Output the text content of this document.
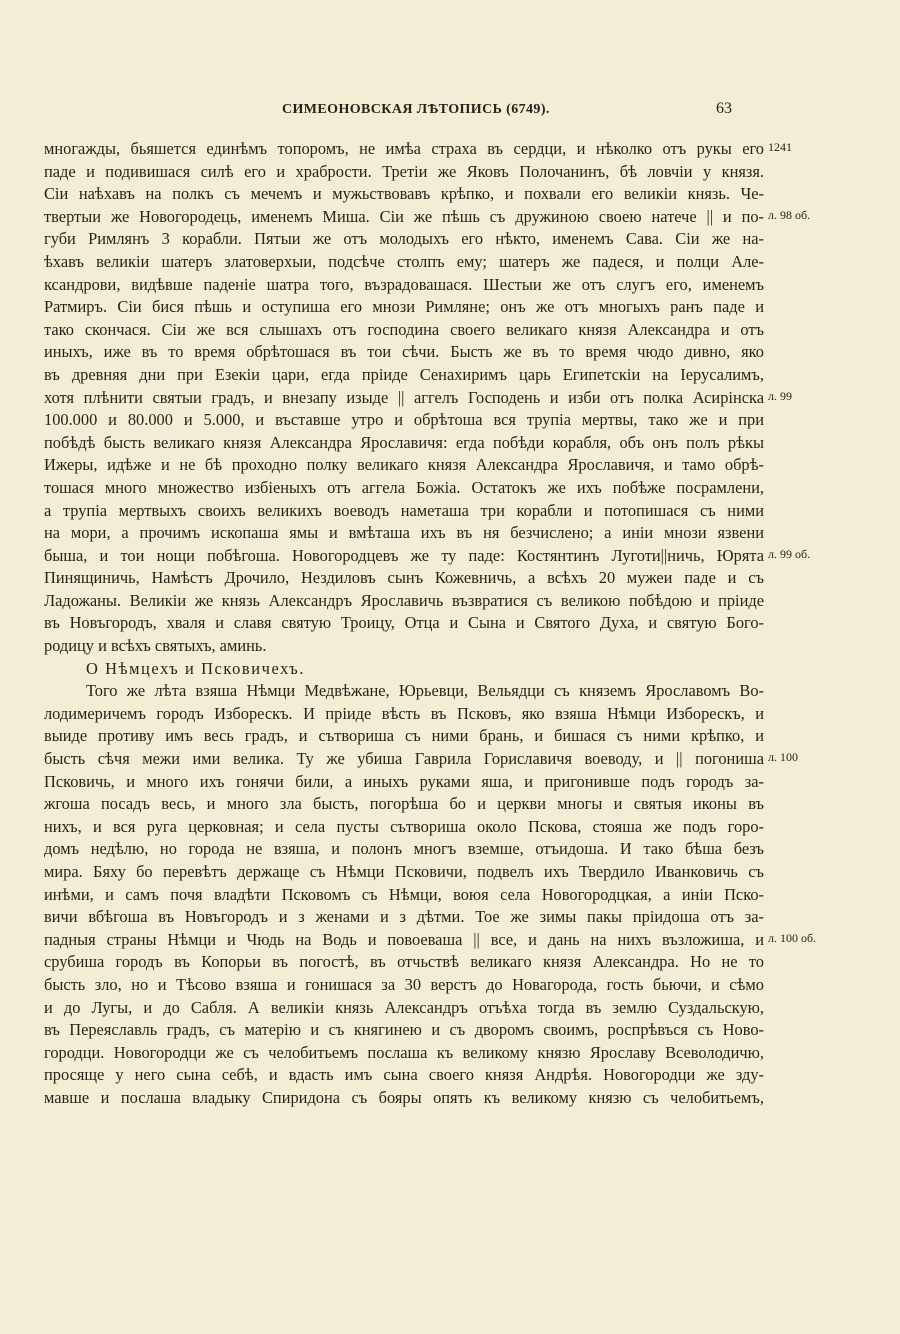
СИМЕОНОВСКАЯ ЛѢТОПИСЬ (6749).	63
многажды, бьяшется единѣмъ топоромъ, не имѣа страха въ сердци, и нѣколко отъ рукы его 1241
паде и подивишася силѣ его и храбрости. Третіи же Яковъ Полочанинъ, бѣ ловчіи у князя.
Сіи наѣхавъ на полкъ съ мечемъ и мужьствовавъ крѣпко, и похвали его великіи князь. Че-
твертыи же Новогородець, именемъ Миша. Сіи же пѣшь съ дружиною своею натече || и по- л. 98 об.
губи Римлянъ 3 корабли. Пятыи же отъ молодыхъ его нѣкто, именемъ Сава. Сіи же на-
ѣхавъ великіи шатеръ златоверхыи, подсѣче столпъ ему; шатеръ же падеся, и полци Але-
ксандрови, видѣвше паденіе шатра того, възрадовашася. Шестыи же отъ слугъ его, именемъ
Ратмиръ. Сіи бися пѣшь и оступиша его мнози Римляне; онъ же отъ многыхъ ранъ паде и
тако скончася. Сіи же вся слышахъ отъ господина своего великаго князя Александра и отъ
иныхъ, иже въ то время обрѣтошася въ тои сѣчи. Бысть же въ то время чюдо дивно, яко
въ древняя дни при Езекіи цари, егда пріиде Сенахиримъ царь Египетскіи на Іерусалимъ,
хотя плѣнити святыи градъ, и внезапу изыде || аггелъ Господень и изби отъ полка Асирінска л. 99
100.000 и 80.000 и 5.000, и въставше утро и обрѣтоша вся трупіа мертвы, тако же и при
побѣдѣ бысть великаго князя Александра Ярославичя: егда побѣди корабля, объ онъ полъ рѣкы
Ижеры, идѣже и не бѣ проходно полку великаго князя Александра Ярославичя, и тамо обрѣ-
тошася много множество избіеныхъ отъ аггела Божіа. Остатокъ же ихъ побѣже посрамлени,
а трупіа мертвыхъ своихъ великихъ воеводъ наметаша три корабли и потопишася съ ними
на мори, а прочимъ ископаша ямы и вмѣташа ихъ въ ня безчислено; а иніи мнози язвени
быша, и тои нощи побѣгоша. Новогородцевъ же ту паде: Костянтинъ Луготи||ничь, Юрята л. 99 об.
Пинящиничь, Намѣстъ Дрочило, Нездиловъ сынъ Кожевничь, а всѣхъ 20 мужеи паде и съ
Ладожаны. Великіи же князь Александръ Ярославичь възвратися съ великою побѣдою и пріиде
въ Новъгородъ, хваля и славя святую Троицу, Отца и Сына и Святого Духа, и святую Бого-
родицу и всѣхъ святыхъ, аминь.
О Нѣмцехъ и Псковичехъ.
Того же лѣта взяша Нѣмци Медвѣжане, Юрьевци, Вельядци съ княземъ Ярославомъ Во-
лодимеричемъ городъ Изборескъ. И пріиде вѣсть въ Псковъ, яко взяша Нѣмци Изборескъ, и
выиде противу имъ весь градъ, и сътвориша съ ними брань, и бишася съ ними крѣпко, и
бысть сѣчя межи ими велика. Ту же убиша Гаврила Гориславичя воеводу, и || погониша л. 100
Псковичь, и много ихъ гонячи били, а иныхъ руками яша, и пригонивше подъ городъ за-
жгоша посадъ весь, и много зла бысть, погорѣша бо и церкви многы и святыя иконы въ
нихъ, и вся руга церковная; и села пусты сътвориша около Пскова, стояша же подъ горо-
домъ недѣлю, но города не взяша, и полонъ многъ вземше, отъидоша. И тако бѣша безъ
мира. Бяху бо перевѣтъ держаще съ Нѣмци Псковичи, подвелъ ихъ Твердило Иванковичь съ
инѣми, и самъ почя владѣти Псковомъ съ Нѣмци, воюя села Новогородцкая, а иніи Пско-
вичи вбѣгоша въ Новъгородъ и з женами и з дѣтми. Тое же зимы пакы пріидоша отъ за-
падныя страны Нѣмци и Чюдь на Водь и повоеваша || все, и дань на нихъ възложиша, и л. 100 об.
срубиша городъ въ Копорьи въ погостѣ, въ отчьствѣ великаго князя Александра. Но не то
бысть зло, но и Тѣсово взяша и гонишася за 30 верстъ до Новагорода, гость бьючи, и сѣмо
и до Лугы, и до Сабля. А великіи князь Александръ отъѣха тогда въ землю Суздальскую,
въ Переяславль градъ, съ матерію и съ княгинею и съ дворомъ своимъ, роспрѣвъся съ Ново-
городци. Новогородци же съ челобитьемъ послаша къ великому князю Ярославу Всеволодичю,
просяще у него сына себѣ, и вдасть имъ сына своего князя Андрѣя. Новогородци же зду-
мавше и послаша владыку Спиридона съ бояры опять къ великому князю съ челобитьемъ,
